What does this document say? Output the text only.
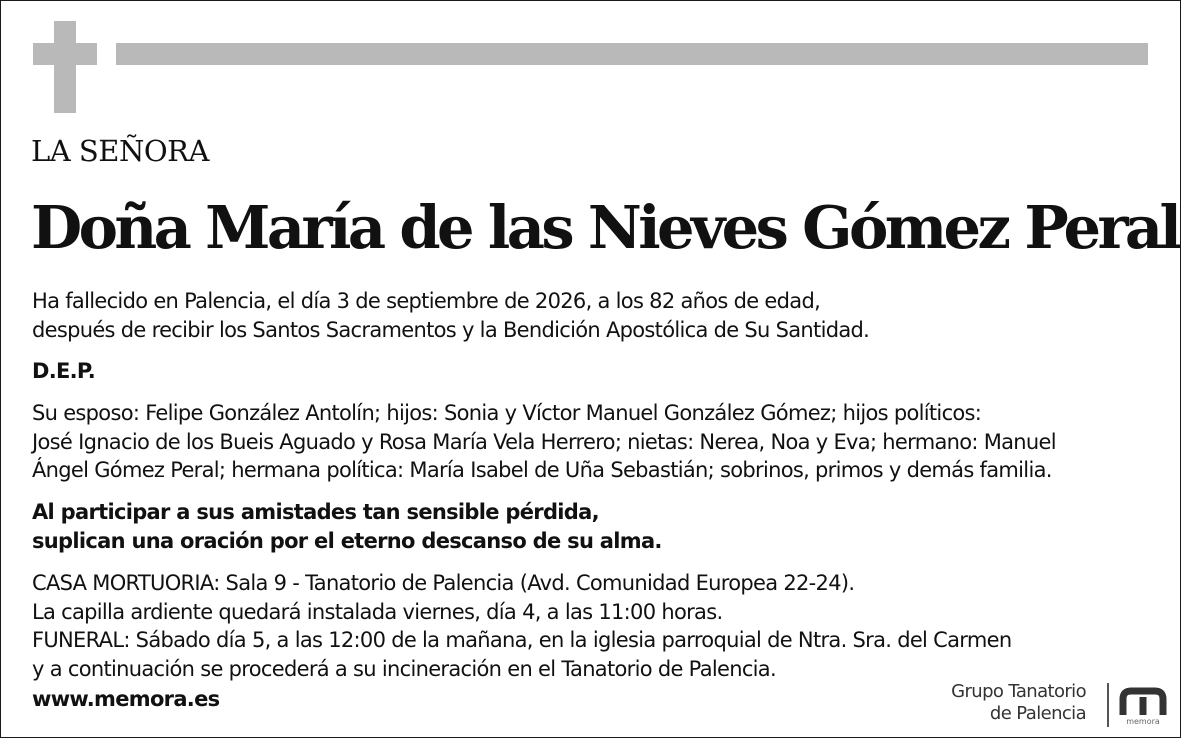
LA SEÑORA
Doña María de las Nieves Gómez Peral

Ha fallecido en Palencia, el día 3 de septiembre de 2026, a los 82 años de edad,
después de recibir los Santos Sacramentos y la Bendición Apostólica de Su Santidad.

D.E.P.

Su esposo: Felipe González Antolín; hijos: Sonia y Víctor Manuel González Gómez; hijos políticos:
José Ignacio de los Bueis Aguado y Rosa María Vela Herrero; nietas: Nerea, Noa y Eva; hermano: Manuel
Ángel Gómez Peral; hermana política: María Isabel de Uña Sebastián; sobrinos, primos y demás familia.

Al participar a sus amistades tan sensible pérdida,
suplican una oración por el eterno descanso de su alma.

CASA MORTUORIA: Sala 9 - Tanatorio de Palencia (Avd. Comunidad Europea 22-24).
La capilla ardiente quedará instalada viernes, día 4, a las 11:00 horas.
FUNERAL: Sábado día 5, a las 12:00 de la mañana, en la iglesia parroquial de Ntra. Sra. del Carmen
y a continuación se procederá a su incineración en el Tanatorio de Palencia.

www.memora.es	Grupo Tanatorio
de Palencia	memora
